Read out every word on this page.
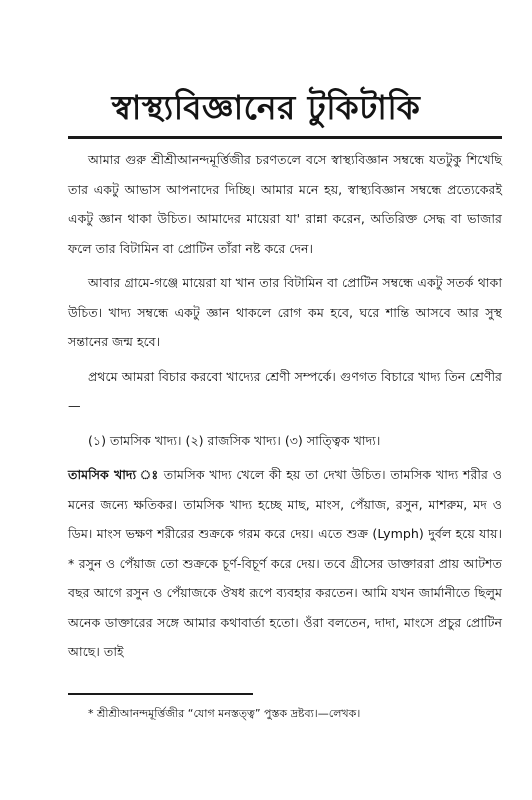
স্বাস্থ্যবিজ্ঞানের টুকিটাকি

আমার গুরু শ্রীশ্রীআনন্দমূর্ত্তিজীর চরণতলে বসে স্বাস্থ্যবিজ্ঞান সম্বন্ধে যতটুকু শিখেছি তার একটু আভাস আপনাদের দিচ্ছি। আমার মনে হয়, স্বাস্থ্যবিজ্ঞান সম্বন্ধে প্রত্যেকেরই একটু জ্ঞান থাকা উচিত। আমাদের মায়েরা যা' রান্না করেন, অতিরিক্ত সেদ্ধ বা ভাজার ফলে তার বিটামিন বা প্রোটিন তাঁরা নষ্ট করে দেন।

আবার গ্রামে-গঞ্জে মায়েরা যা খান তার বিটামিন বা প্রোটিন সম্বন্ধে একটু সতর্ক থাকা উচিত। খাদ্য সম্বন্ধে একটু জ্ঞান থাকলে রোগ কম হবে, ঘরে শান্তি আসবে আর সুস্থ সন্তানের জন্ম হবে।

প্রথমে আমরা বিচার করবো খাদ্যের শ্রেণী সম্পর্কে। গুণগত বিচারে খাদ্য তিন শ্রেণীর—

(১) তামসিক খাদ্য। (২) রাজসিক খাদ্য। (৩) সাত্ত্বিক খাদ্য।

তামসিক খাদ্য ঃ তামসিক খাদ্য খেলে কী হয় তা দেখা উচিত। তামসিক খাদ্য শরীর ও মনের জন্যে ক্ষতিকর। তামসিক খাদ্য হচ্ছে মাছ, মাংস, পেঁয়াজ, রসুন, মাশরুম, মদ ও ডিম। মাংস ভক্ষণ শরীরের শুক্রকে গরম করে দেয়। এতে শুক্র (Lymph) দুর্বল হয়ে যায়।* রসুন ও পেঁয়াজ তো শুক্রকে চূর্ণ-বিচূর্ণ করে দেয়। তবে গ্রীসের ডাক্তাররা প্রায় আটশত বছর আগে রসুন ও পেঁয়াজকে ঔষধ রূপে ব্যবহার করতেন। আমি যখন জার্মানীতে ছিলুম অনেক ডাক্তারের সঙ্গে আমার কথাবার্তা হতো। ওঁরা বলতেন, দাদা, মাংসে প্রচুর প্রোটিন আছে। তাই

* শ্রীশ্রীআনন্দমূর্ত্তিজীর “যোগ মনস্তত্ত্ব” পুস্তক দ্রষ্টব্য।—লেখক।
